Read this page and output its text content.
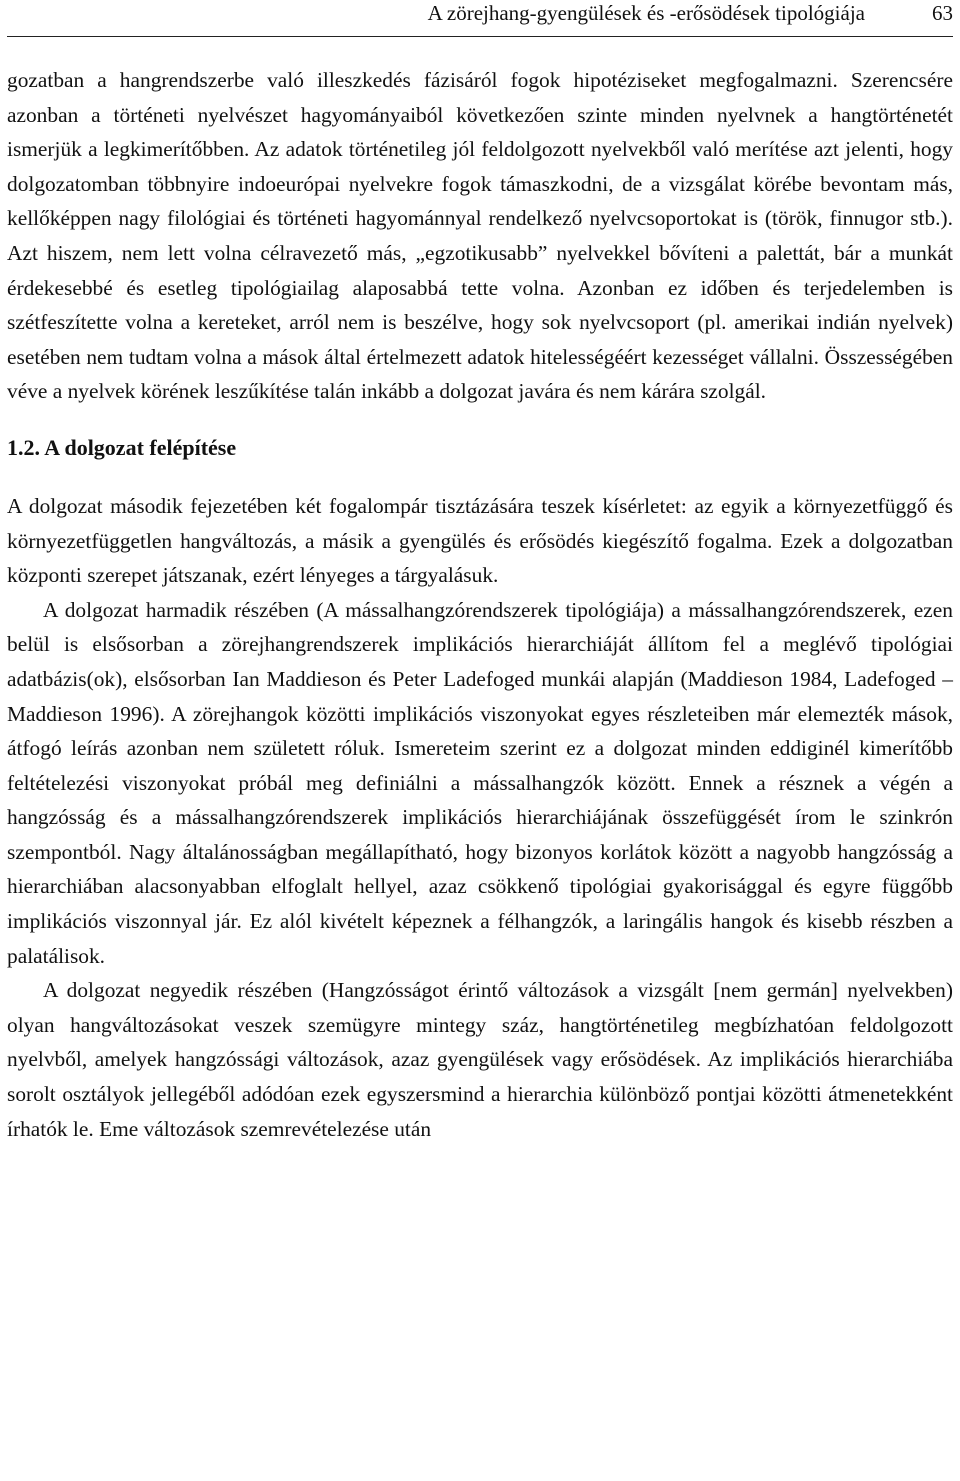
A zörejhang-gyengülések és -erősödések tipológiája	63

gozatban a hangrendszerbe való illeszkedés fázisáról fogok hipotéziseket megfogalmazni. Szerencsére azonban a történeti nyelvészet hagyományaiból következően szinte minden nyelvnek a hangtörténetét ismerjük a legkimerítőbben. Az adatok történetileg jól feldolgozott nyelvekből való merítése azt jelenti, hogy dolgozatomban többnyire indoeurópai nyelvekre fogok támaszkodni, de a vizsgálat körébe bevontam más, kellőképpen nagy filológiai és történeti hagyománnyal rendelkező nyelvcsoportokat is (török, finnugor stb.). Azt hiszem, nem lett volna célravezető más, „egzotikusabb” nyelvekkel bővíteni a palettát, bár a munkát érdekesebbé és esetleg tipológiailag alaposabbá tette volna. Azonban ez időben és terjedelemben is szétfeszítette volna a kereteket, arról nem is beszélve, hogy sok nyelvcsoport (pl. amerikai indián nyelvek) esetében nem tudtam volna a mások által értelmezett adatok hitelességéért kezességet vállalni. Összességében véve a nyelvek körének leszűkítése talán inkább a dolgozat javára és nem kárára szolgál.

1.2. A dolgozat felépítése

A dolgozat második fejezetében két fogalompár tisztázására teszek kísérletet: az egyik a környezetfüggő és környezetfüggetlen hangváltozás, a másik a gyengülés és erősödés kiegészítő fogalma. Ezek a dolgozatban központi szerepet játszanak, ezért lényeges a tárgyalásuk.

A dolgozat harmadik részében (A mássalhangzórendszerek tipológiája) a mássalhangzórendszerek, ezen belül is elsősorban a zörejhangrendszerek implikációs hierarchiáját állítom fel a meglévő tipológiai adatbázis(ok), elsősorban Ian Maddieson és Peter Ladefoged munkái alapján (Maddieson 1984, Ladefoged – Maddieson 1996). A zörejhangok közötti implikációs viszonyokat egyes részleteiben már elemezték mások, átfogó leírás azonban nem született róluk. Ismereteim szerint ez a dolgozat minden eddiginél kimerítőbb feltételezési viszonyokat próbál meg definiálni a mássalhangzók között. Ennek a résznek a végén a hangzósság és a mássalhangzórendszerek implikációs hierarchiájának összefüggését írom le szinkrón szempontból. Nagy általánosságban megállapítható, hogy bizonyos korlátok között a nagyobb hangzósság a hierarchiában alacsonyabban elfoglalt hellyel, azaz csökkenő tipológiai gyakorisággal és egyre függőbb implikációs viszonnyal jár. Ez alól kivételt képeznek a félhangzók, a laringális hangok és kisebb részben a palatálisok.

A dolgozat negyedik részében (Hangzósságot érintő változások a vizsgált [nem germán] nyelvekben) olyan hangváltozásokat veszek szemügyre mintegy száz, hangtörténetileg megbízhatóan feldolgozott nyelvből, amelyek hangzóssági változások, azaz gyengülések vagy erősödések. Az implikációs hierarchiába sorolt osztályok jellegéből adódóan ezek egyszersmind a hierarchia különböző pontjai közötti átmenetekként írhatók le. Eme változások szemrevételezése után
